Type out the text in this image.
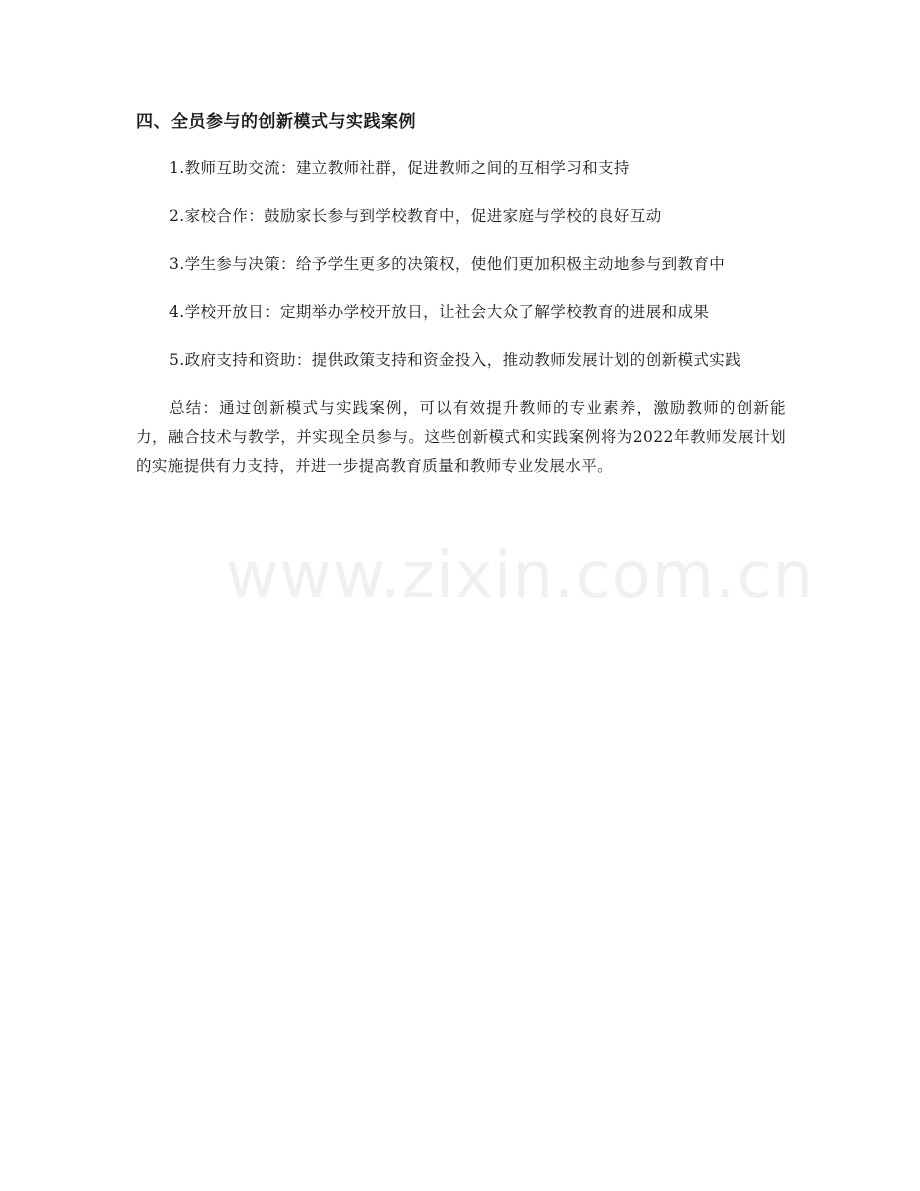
四、全员参与的创新模式与实践案例

1.教师互助交流：建立教师社群，促进教师之间的互相学习和支持

2.家校合作：鼓励家长参与到学校教育中，促进家庭与学校的良好互动

3.学生参与决策：给予学生更多的决策权，使他们更加积极主动地参与到教育中

4.学校开放日：定期举办学校开放日，让社会大众了解学校教育的进展和成果

5.政府支持和资助：提供政策支持和资金投入，推动教师发展计划的创新模式实践

总结：通过创新模式与实践案例，可以有效提升教师的专业素养，激励教师的创新能力，融合技术与教学，并实现全员参与。这些创新模式和实践案例将为2022年教师发展计划的实施提供有力支持，并进一步提高教育质量和教师专业发展水平。

www.zixin.com.cn
